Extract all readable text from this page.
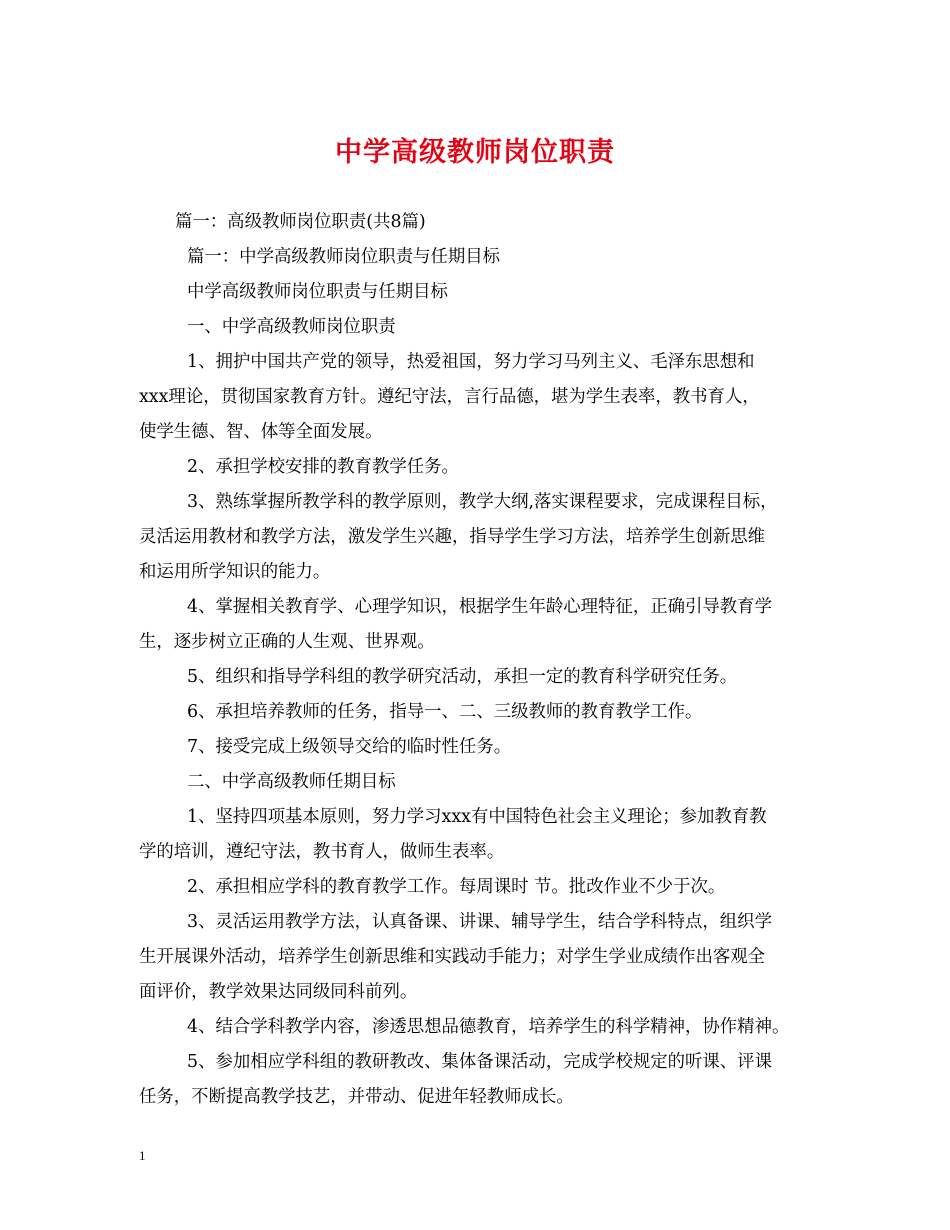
中学高级教师岗位职责
篇一：高级教师岗位职责(共8篇)
篇一：中学高级教师岗位职责与任期目标
中学高级教师岗位职责与任期目标
一、中学高级教师岗位职责
1、拥护中国共产党的领导，热爱祖国，努力学习马列主义、毛泽东思想和
xxx理论，贯彻国家教育方针。遵纪守法，言行品德，堪为学生表率，教书育人，
使学生德、智、体等全面发展。
2、承担学校安排的教育教学任务。
3、熟练掌握所教学科的教学原则，教学大纲,落实课程要求，完成课程目标，
灵活运用教材和教学方法，激发学生兴趣，指导学生学习方法，培养学生创新思维
和运用所学知识的能力。
4、掌握相关教育学、心理学知识，根据学生年龄心理特征，正确引导教育学
生，逐步树立正确的人生观、世界观。
5、组织和指导学科组的教学研究活动，承担一定的教育科学研究任务。
6、承担培养教师的任务，指导一、二、三级教师的教育教学工作。
7、接受完成上级领导交给的临时性任务。
二、中学高级教师任期目标
1、坚持四项基本原则，努力学习xxx有中国特色社会主义理论；参加教育教
学的培训，遵纪守法，教书育人，做师生表率。
2、承担相应学科的教育教学工作。每周课时 节。批改作业不少于次。
3、灵活运用教学方法，认真备课、讲课、辅导学生，结合学科特点，组织学
生开展课外活动，培养学生创新思维和实践动手能力；对学生学业成绩作出客观全
面评价，教学效果达同级同科前列。
4、结合学科教学内容，渗透思想品德教育，培养学生的科学精神，协作精神。
5、参加相应学科组的教研教改、集体备课活动，完成学校规定的听课、评课
任务，不断提高教学技艺，并带动、促进年轻教师成长。
1
